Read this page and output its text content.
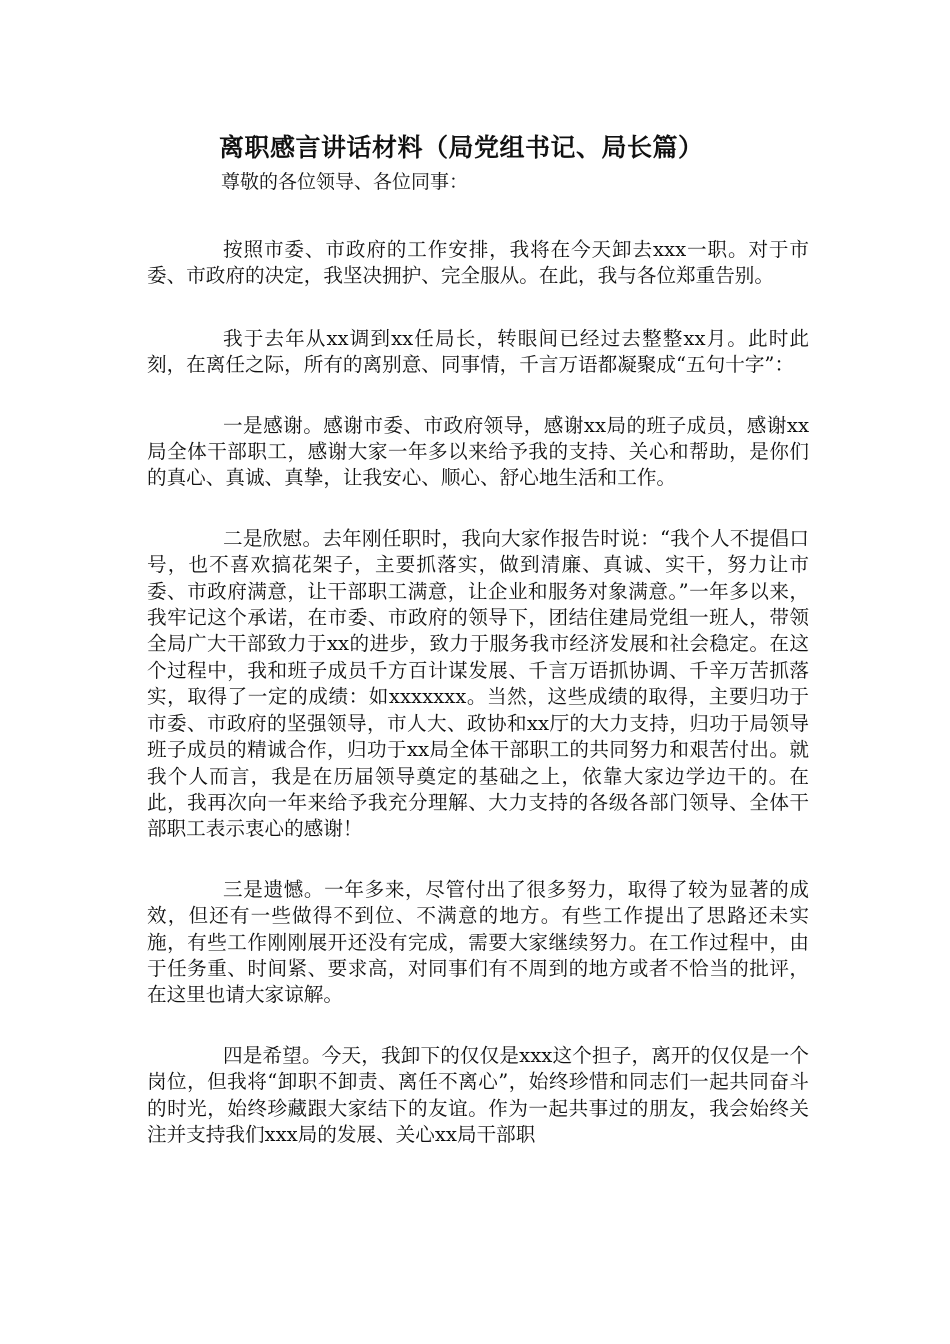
离职感言讲话材料（局党组书记、局长篇）

尊敬的各位领导、各位同事：

按照市委、市政府的工作安排，我将在今天卸去xxx一职。对于市委、市政府的决定，我坚决拥护、完全服从。在此，我与各位郑重告别。

我于去年从xx调到xx任局长，转眼间已经过去整整xx月。此时此刻，在离任之际，所有的离别意、同事情，千言万语都凝聚成“五句十字”：

一是感谢。感谢市委、市政府领导，感谢xx局的班子成员，感谢xx局全体干部职工，感谢大家一年多以来给予我的支持、关心和帮助，是你们的真心、真诚、真挚，让我安心、顺心、舒心地生活和工作。

二是欣慰。去年刚任职时，我向大家作报告时说：“我个人不提倡口号，也不喜欢搞花架子，主要抓落实，做到清廉、真诚、实干，努力让市委、市政府满意，让干部职工满意，让企业和服务对象满意。”一年多以来，我牢记这个承诺，在市委、市政府的领导下，团结住建局党组一班人，带领全局广大干部致力于xx的进步，致力于服务我市经济发展和社会稳定。在这个过程中，我和班子成员千方百计谋发展、千言万语抓协调、千辛万苦抓落实，取得了一定的成绩：如xxxxxxx。当然，这些成绩的取得，主要归功于市委、市政府的坚强领导，市人大、政协和xx厅的大力支持，归功于局领导班子成员的精诚合作，归功于xx局全体干部职工的共同努力和艰苦付出。就我个人而言，我是在历届领导奠定的基础之上，依靠大家边学边干的。在此，我再次向一年来给予我充分理解、大力支持的各级各部门领导、全体干部职工表示衷心的感谢！

三是遗憾。一年多来，尽管付出了很多努力，取得了较为显著的成效，但还有一些做得不到位、不满意的地方。有些工作提出了思路还未实施，有些工作刚刚展开还没有完成，需要大家继续努力。在工作过程中，由于任务重、时间紧、要求高，对同事们有不周到的地方或者不恰当的批评，在这里也请大家谅解。

四是希望。今天，我卸下的仅仅是xxx这个担子，离开的仅仅是一个岗位，但我将“卸职不卸责、离任不离心”，始终珍惜和同志们一起共同奋斗的时光，始终珍藏跟大家结下的友谊。作为一起共事过的朋友，我会始终关注并支持我们xxx局的发展、关心xx局干部职
